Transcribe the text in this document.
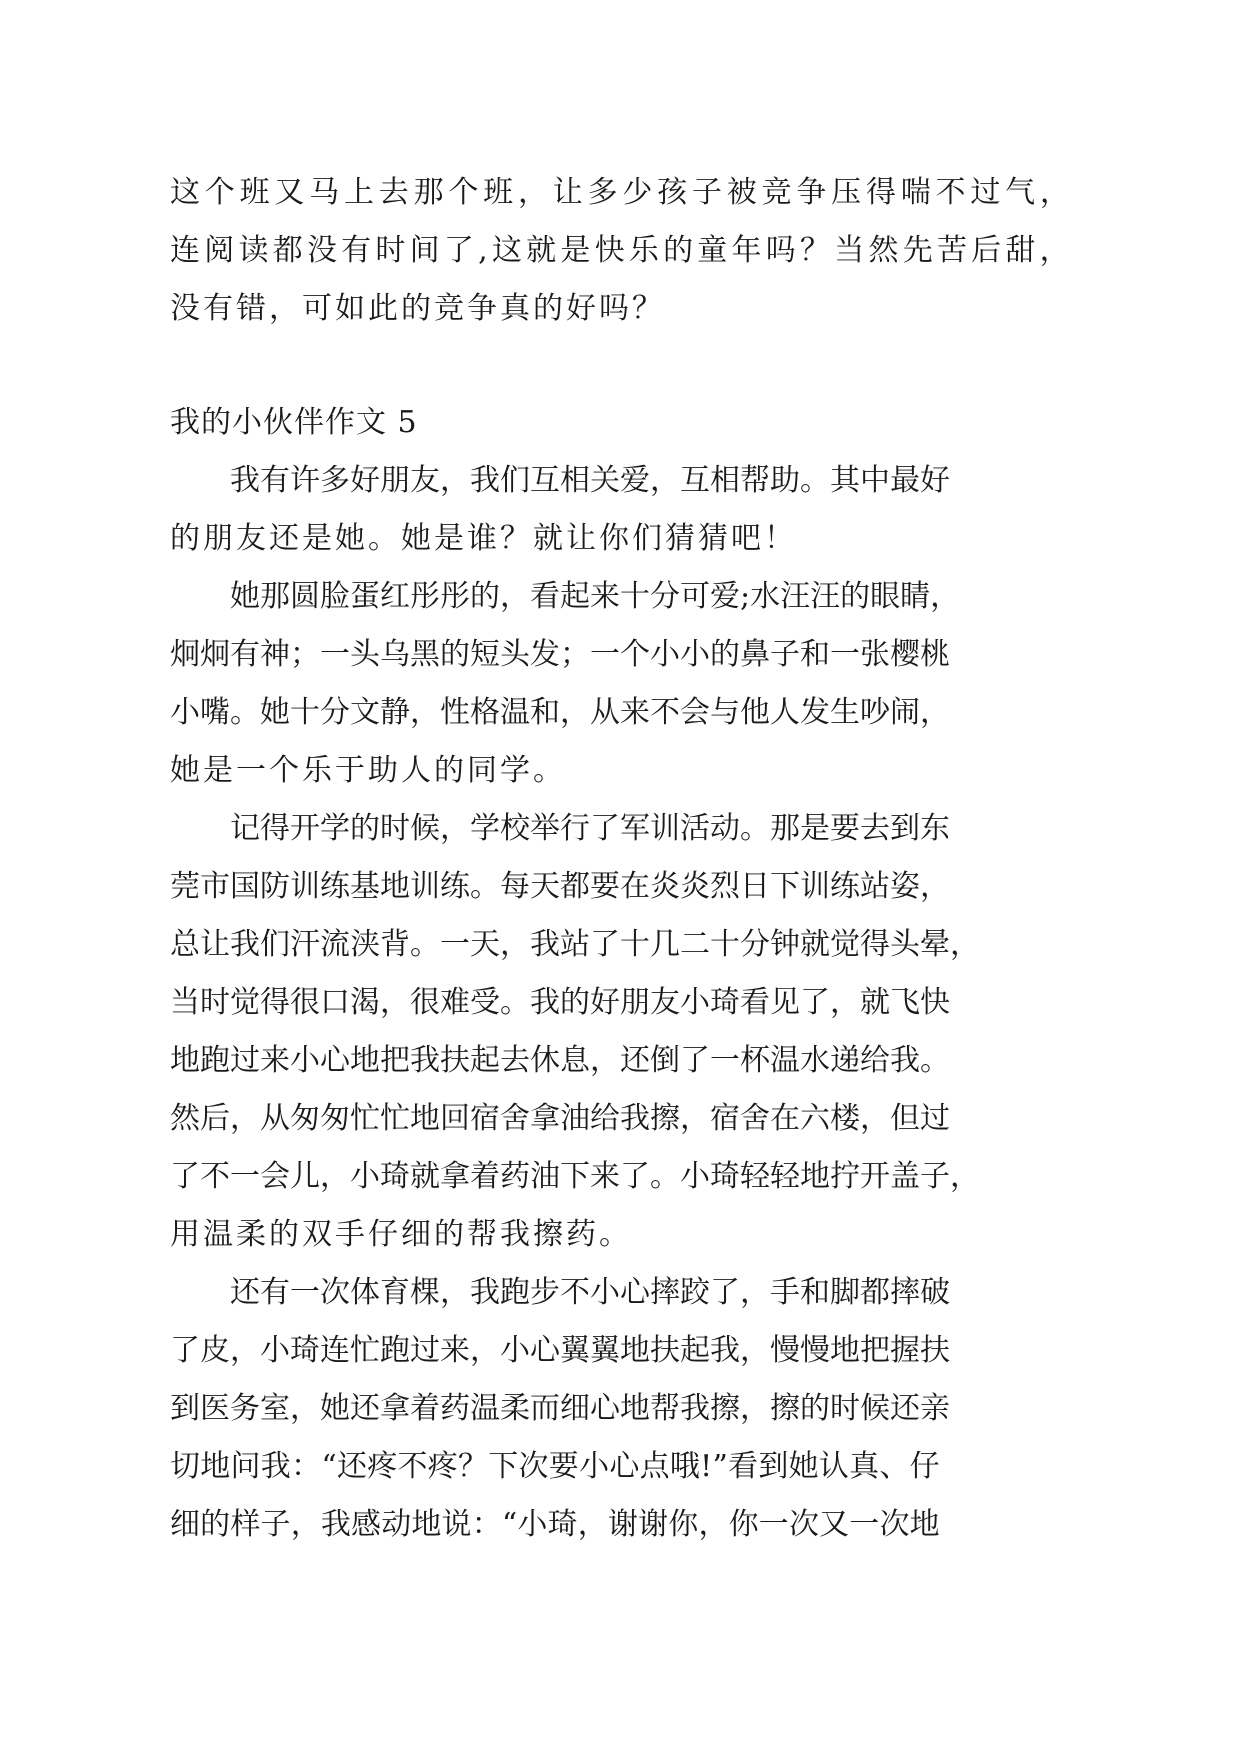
这 个 班 又 马 上 去 那 个 班 ， 让 多 少 孩 子 被 竞 争 压 得 喘 不 过 气 ，
连 阅 读 都 没 有 时 间 了 , 这 就 是 快 乐 的 童 年 吗 ？ 当 然 先 苦 后 甜 ，
没有错，可如此的竞争真的好吗？
我的小伙伴作文 5
我 有 许 多 好 朋 友 ， 我 们 互 相 关 爱 ， 互 相 帮 助 。 其 中 最 好
的朋友还是她。她是谁？就让你们猜猜吧！
她 那 圆 脸 蛋 红 彤 彤 的 ， 看 起 来 十 分 可 爱 ; 水 汪 汪 的 眼 睛 ，
炯 炯 有 神 ； 一 头 乌 黑 的 短 头 发 ； 一 个 小 小 的 鼻 子 和 一 张 樱 桃
小 嘴 。 她 十 分 文 静 ， 性 格 温 和 ， 从 来 不 会 与 他 人 发 生 吵 闹 ，
她是一个乐于助人的同学。
记 得 开 学 的 时 候 ， 学 校 举 行 了 军 训 活 动 。 那 是 要 去 到 东
莞 市 国 防 训 练 基 地 训 练 。 每 天 都 要 在 炎 炎 烈 日 下 训 练 站 姿 ，
总 让 我 们 汗 流 浃 背 。 一 天 ， 我 站 了 十 几 二 十 分 钟 就 觉 得 头 晕 ，
当 时 觉 得 很 口 渴 ， 很 难 受 。 我 的 好 朋 友 小 琦 看 见 了 ， 就 飞 快
地 跑 过 来 小 心 地 把 我 扶 起 去 休 息 ， 还 倒 了 一 杯 温 水 递 给 我 。
然 后 ， 从 匆 匆 忙 忙 地 回 宿 舍 拿 油 给 我 擦 ， 宿 舍 在 六 楼 ， 但 过
了 不 一 会 儿 ， 小 琦 就 拿 着 药 油 下 来 了 。 小 琦 轻 轻 地 拧 开 盖 子 ，
用温柔的双手仔细的帮我擦药。
还 有 一 次 体 育 棵 ， 我 跑 步 不 小 心 摔 跤 了 ， 手 和 脚 都 摔 破
了 皮 ， 小 琦 连 忙 跑 过 来 ， 小 心 翼 翼 地 扶 起 我 ， 慢 慢 地 把 握 扶
到 医 务 室 ， 她 还 拿 着 药 温 柔 而 细 心 地 帮 我 擦 ， 擦 的 时 候 还 亲
切 地 问 我 ： “ 还 疼 不 疼 ？ 下 次 要 小 心 点 哦 ! ” 看 到 她 认 真 、 仔
细 的 样 子 ， 我 感 动 地 说 ： “ 小 琦 ， 谢 谢 你 ， 你 一 次 又 一 次 地
